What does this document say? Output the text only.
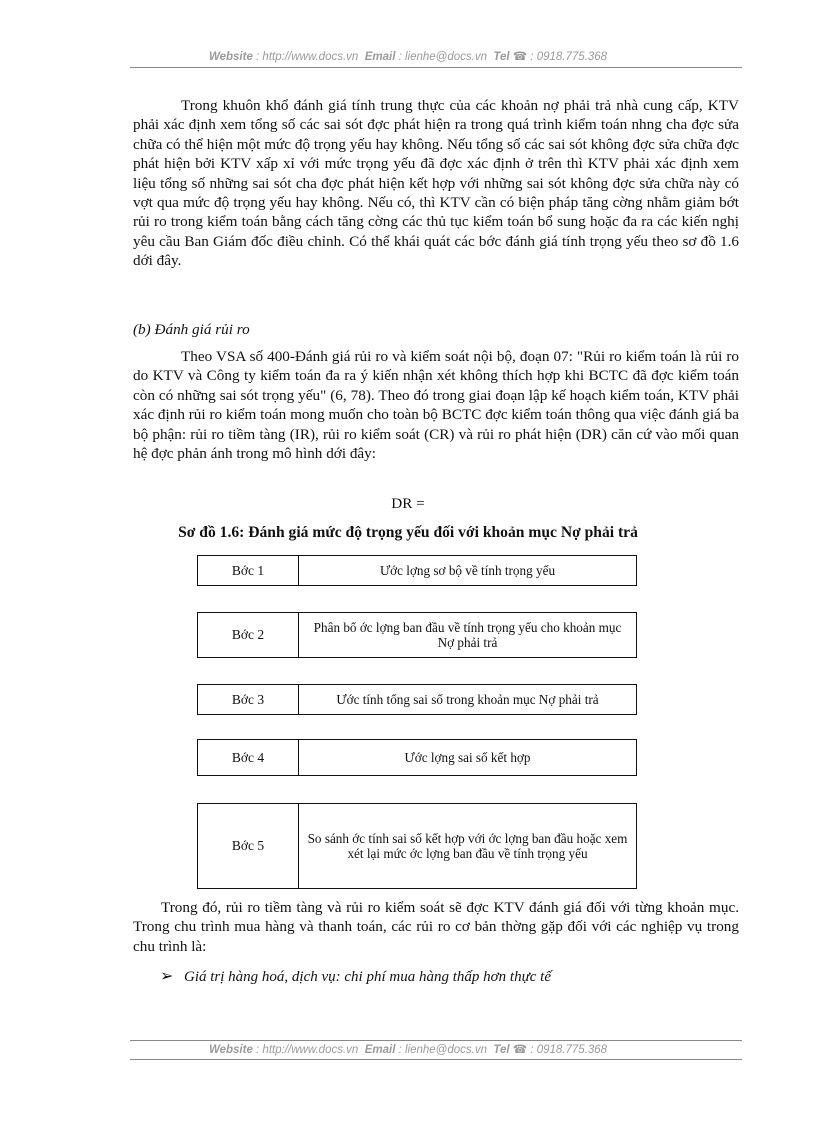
Website : http://www.docs.vn Email : lienhe@docs.vn Tel ☎ : 0918.775.368
Trong khuôn khổ đánh giá tính trung thực của các khoản nợ phải trả nhà cung cấp, KTV phải xác định xem tổng số các sai sót đợc phát hiện ra trong quá trình kiểm toán nhng cha đợc sửa chữa có thể hiện một mức độ trọng yếu hay không. Nếu tổng số các sai sót không đợc sửa chữa đợc phát hiện bởi KTV xấp xỉ với mức trọng yếu đã đợc xác định ở trên thì KTV phải xác định xem liệu tổng số những sai sót cha đợc phát hiện kết hợp với những sai sót không đợc sửa chữa này có vợt qua mức độ trọng yếu hay không. Nếu có, thì KTV cần có biện pháp tăng cờng nhằm giảm bớt rủi ro trong kiểm toán bằng cách tăng cờng các thủ tục kiểm toán bổ sung hoặc đa ra các kiến nghị yêu cầu Ban Giám đốc điều chỉnh. Có thể khái quát các bớc đánh giá tính trọng yếu theo sơ đồ 1.6 dới đây.
(b) Đánh giá rủi ro
Theo VSA số 400-Đánh giá rủi ro và kiểm soát nội bộ, đoạn 07: "Rủi ro kiểm toán là rủi ro do KTV và Công ty kiểm toán đa ra ý kiến nhận xét không thích hợp khi BCTC đã đợc kiểm toán còn có những sai sót trọng yếu" (6, 78). Theo đó trong giai đoạn lập kế hoạch kiểm toán, KTV phải xác định rủi ro kiểm toán mong muốn cho toàn bộ BCTC đợc kiểm toán thông qua việc đánh giá ba bộ phận: rủi ro tiềm tàng (IR), rủi ro kiểm soát (CR) và rủi ro phát hiện (DR) căn cứ vào mối quan hệ đợc phản ánh trong mô hình dới đây:
DR =
Sơ đồ 1.6: Đánh giá mức độ trọng yếu đối với khoản mục Nợ phải trả
Bớc 1	Ước lợng sơ bộ về tính trọng yếu
Bớc 2	Phân bổ ớc lợng ban đầu về tính trọng yếu cho khoản mục Nợ phải trả
Bớc 3	Ước tính tổng sai số trong khoản mục Nợ phải trả
Bớc 4	Ước lợng sai số kết hợp
Bớc 5	So sánh ớc tính sai số kết hợp với ớc lợng ban đầu hoặc xem xét lại mức ớc lợng ban đầu về tính trọng yếu
Trong đó, rủi ro tiềm tàng và rủi ro kiểm soát sẽ đợc KTV đánh giá đối với từng khoản mục. Trong chu trình mua hàng và thanh toán, các rủi ro cơ bản thờng gặp đối với các nghiệp vụ trong chu trình là:
➢ Giá trị hàng hoá, dịch vụ: chi phí mua hàng thấp hơn thực tế
Website : http://www.docs.vn Email : lienhe@docs.vn Tel ☎ : 0918.775.368
